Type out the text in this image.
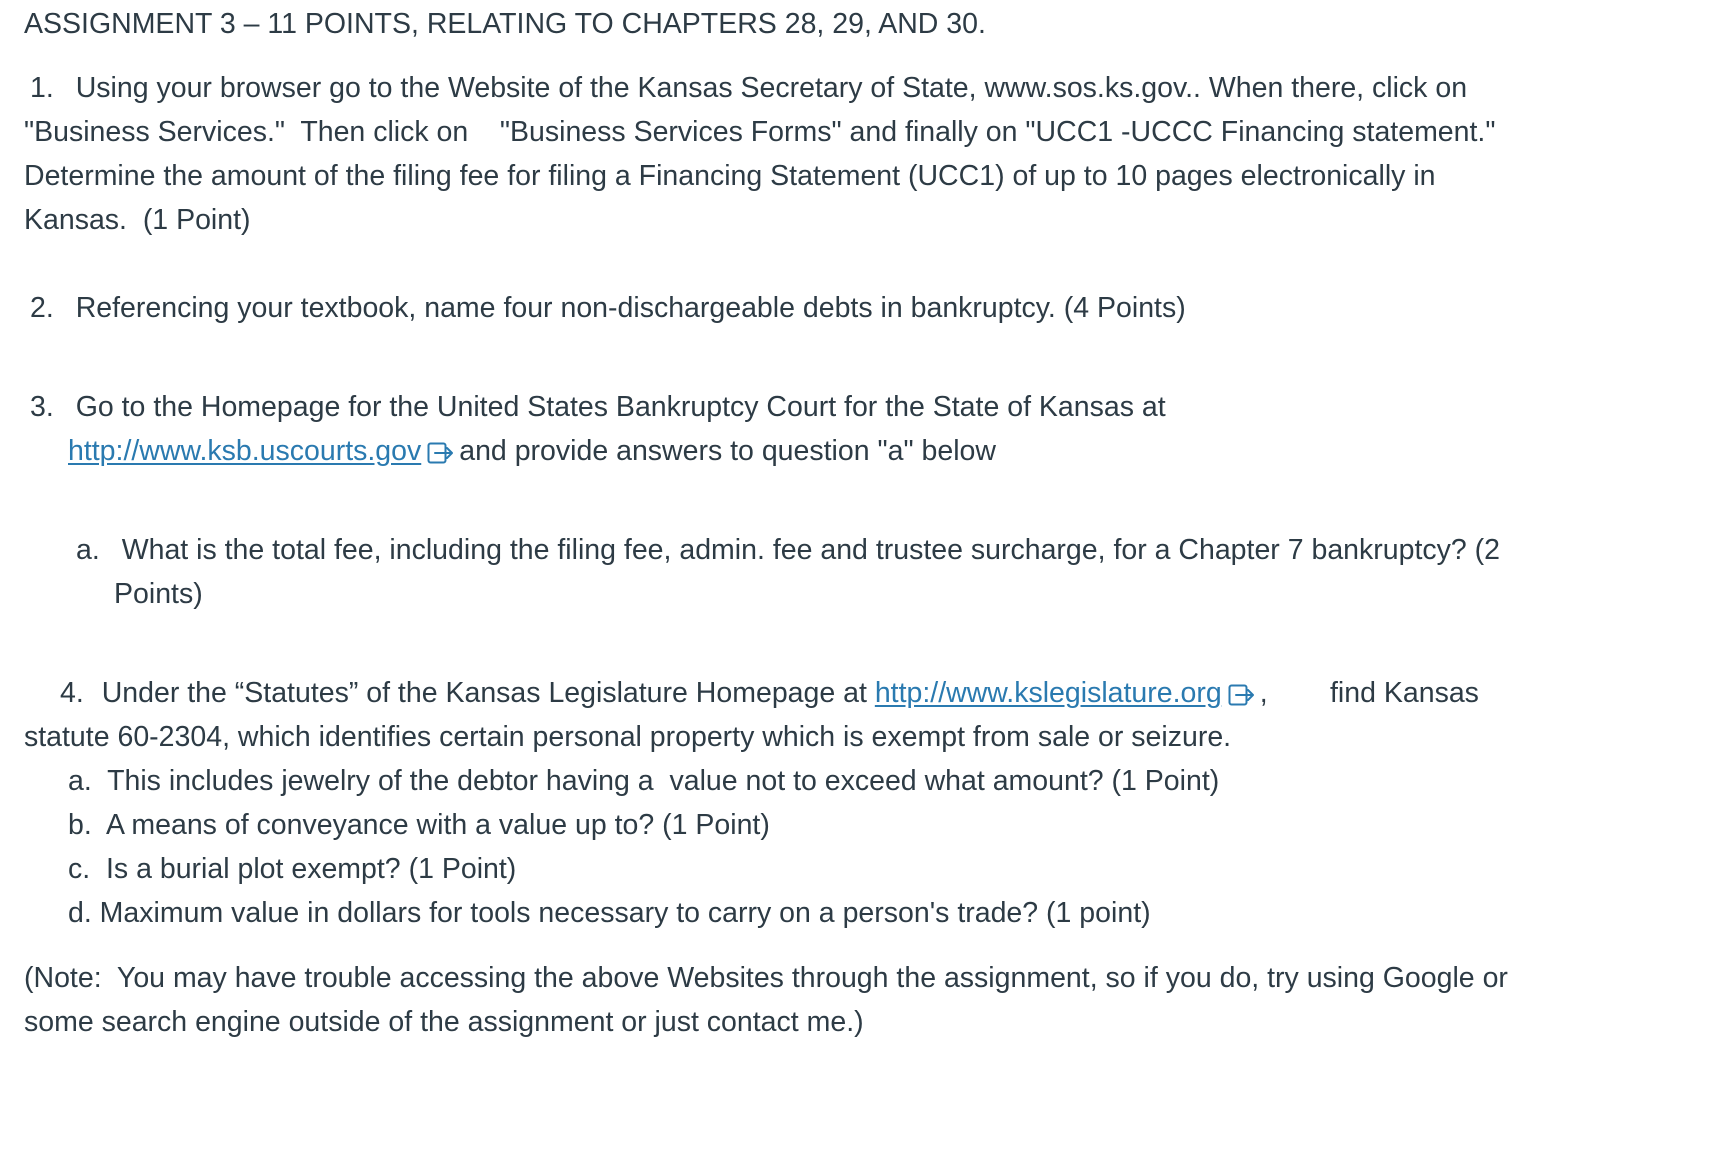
ASSIGNMENT 3 – 11 POINTS, RELATING TO CHAPTERS 28, 29, AND 30.
1. Using your browser go to the Website of the Kansas Secretary of State, www.sos.ks.gov.. When there, click on
"Business Services."  Then click on    "Business Services Forms" and finally on "UCC1 -UCCC Financing statement."
Determine the amount of the filing fee for filing a Financing Statement (UCC1) of up to 10 pages electronically in
Kansas.  (1 Point)
2. Referencing your textbook, name four non-dischargeable debts in bankruptcy. (4 Points)
3. Go to the Homepage for the United States Bankruptcy Court for the State of Kansas at
http://www.ksb.uscourts.gov and provide answers to question "a" below
a. What is the total fee, including the filing fee, admin. fee and trustee surcharge, for a Chapter 7 bankruptcy? (2
Points)
4. Under the “Statutes” of the Kansas Legislature Homepage at http://www.kslegislature.org , find Kansas
statute 60-2304, which identifies certain personal property which is exempt from sale or seizure.
a.  This includes jewelry of the debtor having a  value not to exceed what amount? (1 Point)
b.  A means of conveyance with a value up to? (1 Point)
c.  Is a burial plot exempt? (1 Point)
d. Maximum value in dollars for tools necessary to carry on a person's trade? (1 point)
(Note:  You may have trouble accessing the above Websites through the assignment, so if you do, try using Google or
some search engine outside of the assignment or just contact me.)
